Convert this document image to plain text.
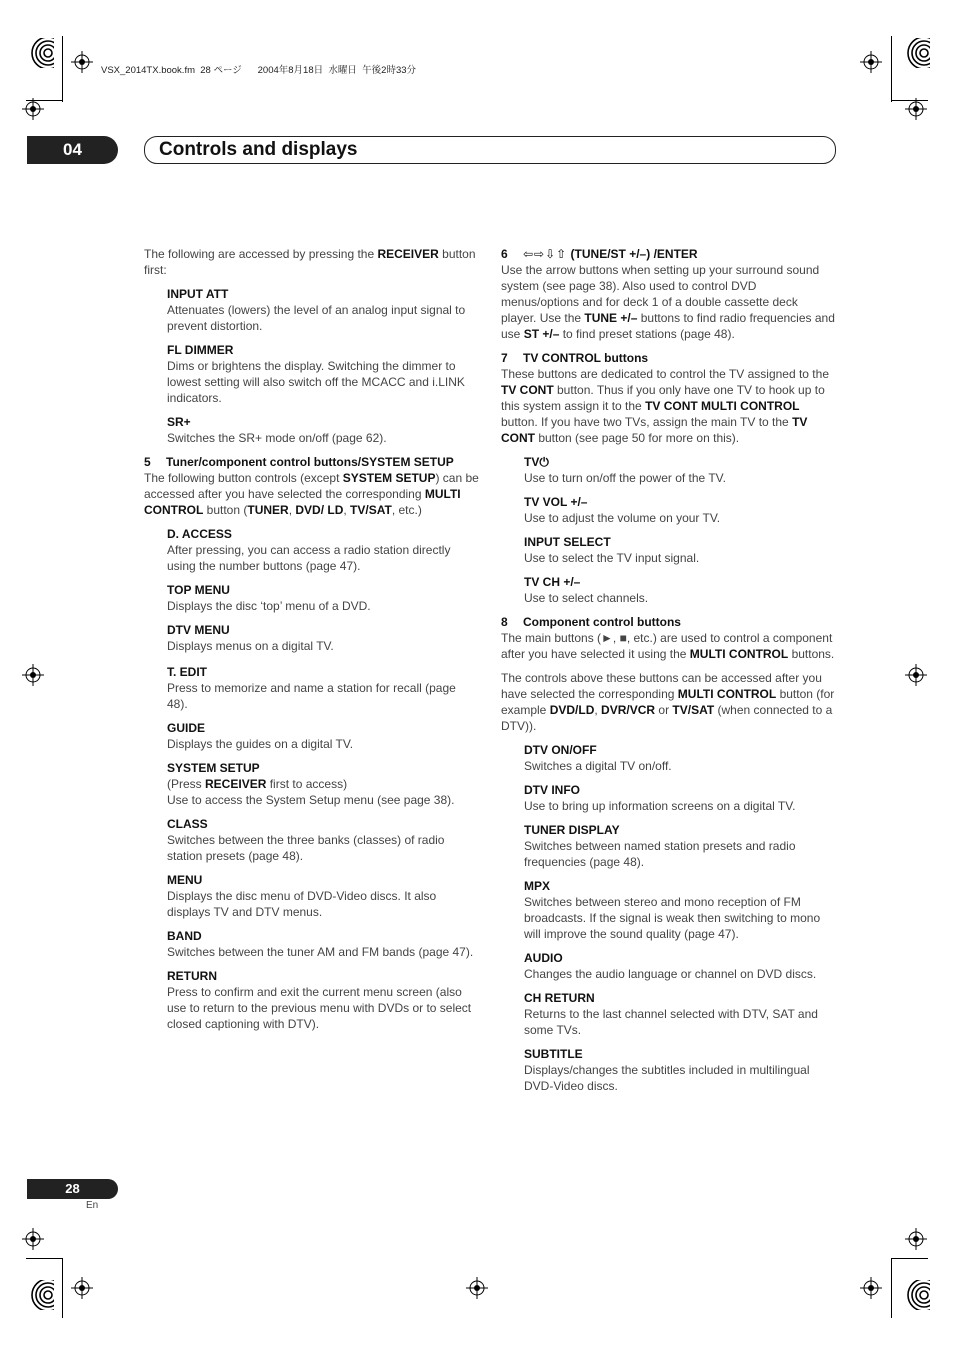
VSX_2014TX.book.fm  28 ページ      2004年8月18日  水曜日  午後2時33分
04	Controls and displays

The following are accessed by pressing the RECEIVER button first:

INPUT ATT
Attenuates (lowers) the level of an analog input signal to prevent distortion.
FL DIMMER
Dims or brightens the display. Switching the dimmer to lowest setting will also switch off the MCACC and i.LINK indicators.
SR+
Switches the SR+ mode on/off (page 62).

5 Tuner/component control buttons/SYSTEM SETUP

The following button controls (except SYSTEM SETUP) can be accessed after you have selected the corresponding MULTI CONTROL button (TUNER, DVD/ LD, TV/SAT, etc.)

D. ACCESS
After pressing, you can access a radio station directly using the number buttons (page 47).
TOP MENU
Displays the disc ‘top’ menu of a DVD.
DTV MENU
Displays menus on a digital TV.
T. EDIT
Press to memorize and name a station for recall (page 48).
GUIDE
Displays the guides on a digital TV.
SYSTEM SETUP
(Press RECEIVER first to access)
Use to access the System Setup menu (see page 38).
CLASS
Switches between the three banks (classes) of radio station presets (page 48).
MENU
Displays the disc menu of DVD-Video discs. It also displays TV and DTV menus.
BAND
Switches between the tuner AM and FM bands (page 47).
RETURN
Press to confirm and exit the current menu screen (also use to return to the previous menu with DVDs or to select closed captioning with DTV).

6 ⇦⇨⇩⇧ (TUNE/ST +/–) /ENTER

Use the arrow buttons when setting up your surround sound system (see page 38). Also used to control DVD menus/options and for deck 1 of a double cassette deck player. Use the TUNE +/– buttons to find radio frequencies and use ST +/– to find preset stations (page 48).

7 TV CONTROL buttons

These buttons are dedicated to control the TV assigned to the TV CONT button. Thus if you only have one TV to hook up to this system assign it to the TV CONT MULTI CONTROL button. If you have two TVs, assign the main TV to the TV CONT button (see page 50 for more on this).

TV⏻
Use to turn on/off the power of the TV.
TV VOL +/–
Use to adjust the volume on your TV.
INPUT SELECT
Use to select the TV input signal.
TV CH +/–
Use to select channels.

8 Component control buttons

The main buttons (►, ■, etc.) are used to control a component after you have selected it using the MULTI CONTROL buttons.

The controls above these buttons can be accessed after you have selected the corresponding MULTI CONTROL button (for example DVD/LD, DVR/VCR or TV/SAT (when connected to a DTV)).

DTV ON/OFF
Switches a digital TV on/off.
DTV INFO
Use to bring up information screens on a digital TV.
TUNER DISPLAY
Switches between named station presets and radio frequencies (page 48).
MPX
Switches between stereo and mono reception of FM broadcasts. If the signal is weak then switching to mono will improve the sound quality (page 47).
AUDIO
Changes the audio language or channel on DVD discs.
CH RETURN
Returns to the last channel selected with DTV, SAT and some TVs.
SUBTITLE
Displays/changes the subtitles included in multilingual DVD-Video discs.
28
En
